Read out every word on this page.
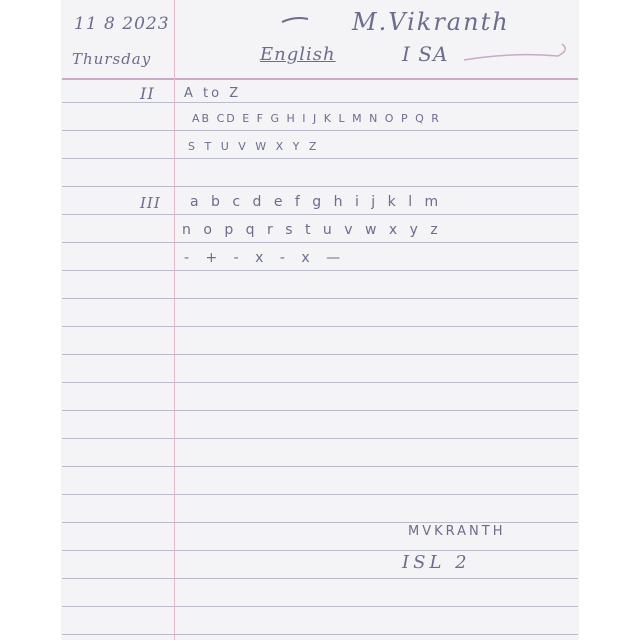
11 8 2023
Thursday
M.Vikranth
English	I SA
II A to Z
AB CD E F G H I J K L M N O P Q R
S T U V W X Y Z
III a b c d e f g h i j k l m
n o p q r s t u v w x y z
- + - x - x —
MVKRANTH
ISL 2
